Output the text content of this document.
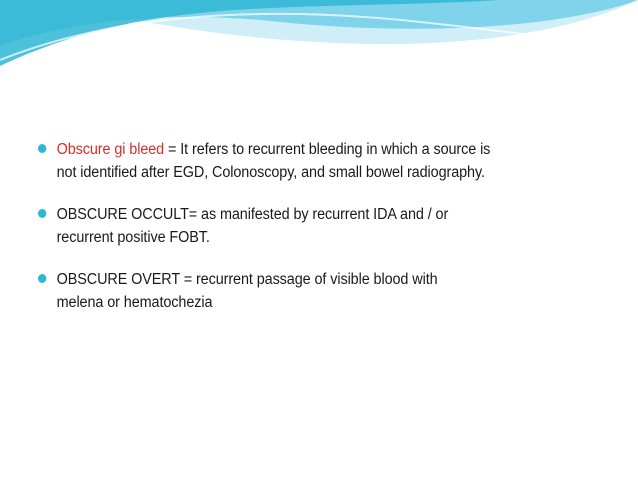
Obscure gi bleed = It refers to recurrent bleeding in which a source is
not identified after EGD, Colonoscopy, and small bowel radiography.
OBSCURE OCCULT= as manifested by recurrent IDA and / or
recurrent positive FOBT.
OBSCURE OVERT = recurrent passage of visible blood with
melena or hematochezia
